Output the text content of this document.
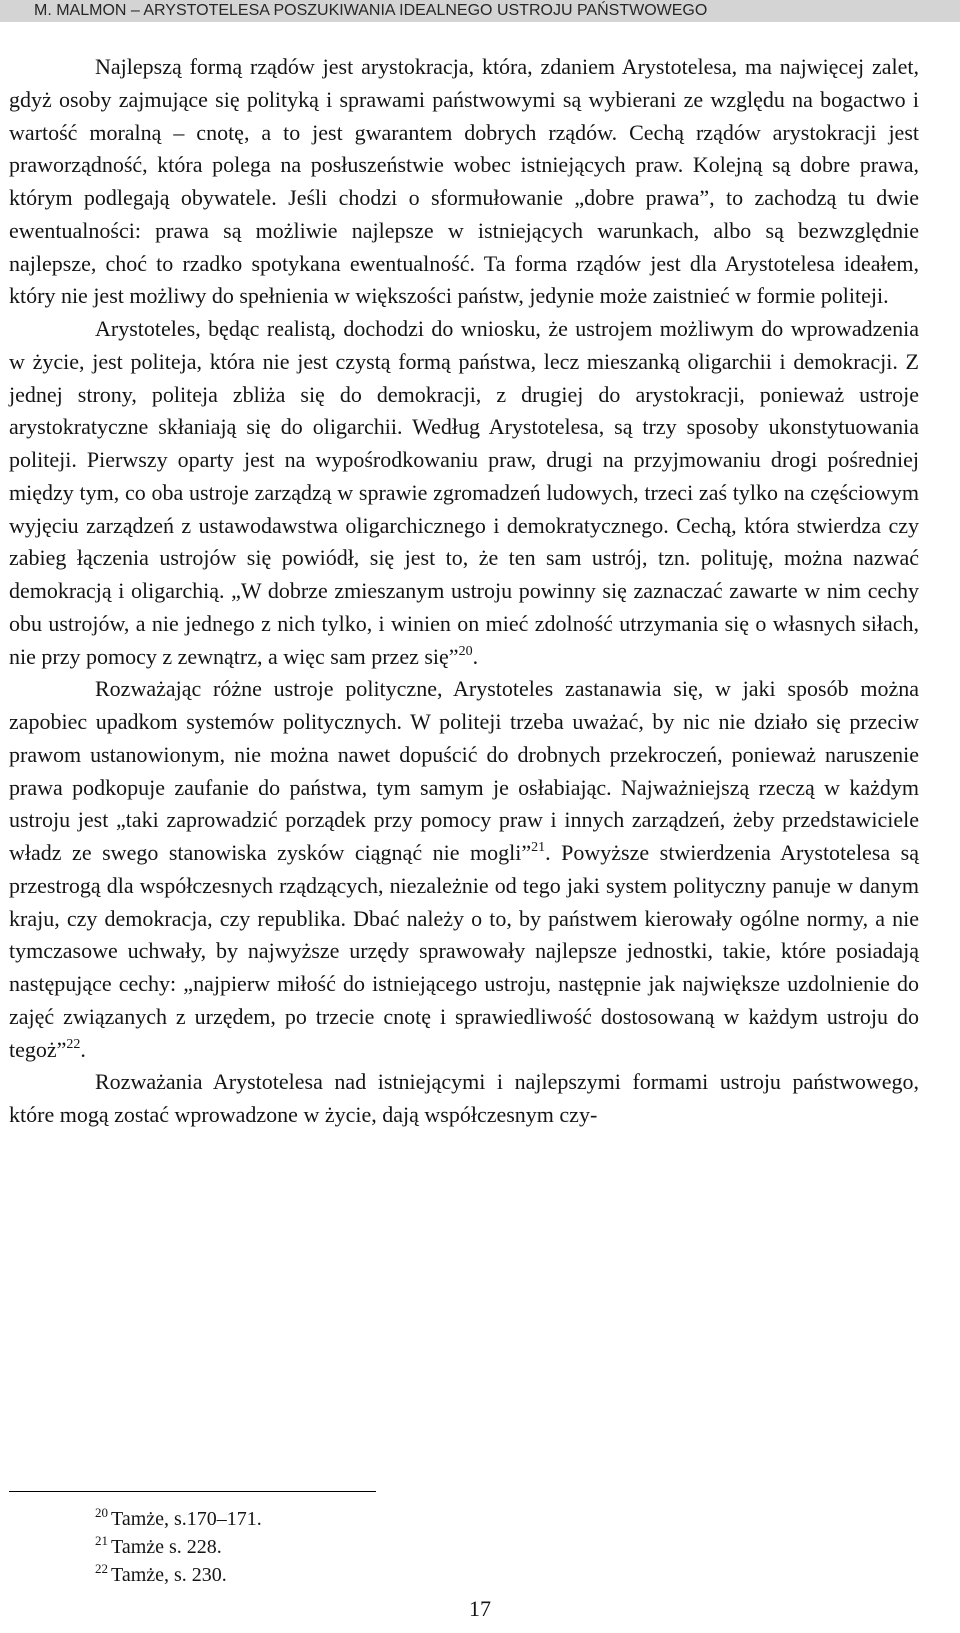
M. MALMON – ARYSTOTELESA POSZUKIWANIA IDEALNEGO USTROJU PAŃSTWOWEGO

Najlepszą formą rządów jest arystokracja, która, zdaniem Arystotelesa, ma najwięcej zalet, gdyż osoby zajmujące się polityką i sprawami państwowymi są wybierani ze względu na bogactwo i wartość moralną – cnotę, a to jest gwarantem dobrych rządów. Cechą rządów arystokracji jest praworządność, która polega na posłuszeństwie wobec istniejących praw. Kolejną są dobre prawa, którym podlegają obywatele. Jeśli chodzi o sformułowanie „dobre prawa”, to zachodzą tu dwie ewentualności: prawa są możliwie najlepsze w istniejących warunkach, albo są bezwzględnie najlepsze, choć to rzadko spotykana ewentualność. Ta forma rządów jest dla Arystotelesa ideałem, który nie jest możliwy do spełnienia w większości państw, jedynie może zaistnieć w formie politeji.

Arystoteles, będąc realistą, dochodzi do wniosku, że ustrojem możliwym do wprowadzenia w życie, jest politeja, która nie jest czystą formą państwa, lecz mieszanką oligarchii i demokracji. Z jednej strony, politeja zbliża się do demokracji, z drugiej do arystokracji, ponieważ ustroje arystokratyczne skłaniają się do oligarchii. Według Arystotelesa, są trzy sposoby ukonstytuowania politeji. Pierwszy oparty jest na wypośrodkowaniu praw, drugi na przyjmowaniu drogi pośredniej między tym, co oba ustroje zarządzą w sprawie zgromadzeń ludowych, trzeci zaś tylko na częściowym wyjęciu zarządzeń z ustawodawstwa oligarchicznego i demokratycznego. Cechą, która stwierdza czy zabieg łączenia ustrojów się powiódł, się jest to, że ten sam ustrój, tzn. polituję, można nazwać demokracją i oligarchią. „W dobrze zmieszanym ustroju powinny się zaznaczać zawarte w nim cechy obu ustrojów, a nie jednego z nich tylko, i winien on mieć zdolność utrzymania się o własnych siłach, nie przy pomocy z zewnątrz, a więc sam przez się”$^{20}$.

Rozważając różne ustroje polityczne, Arystoteles zastanawia się, w jaki sposób można zapobiec upadkom systemów politycznych. W politeji trzeba uważać, by nic nie działo się przeciw prawom ustanowionym, nie można nawet dopuścić do drobnych przekroczeń, ponieważ naruszenie prawa podkopuje zaufanie do państwa, tym samym je osłabiając. Najważniejszą rzeczą w każdym ustroju jest „taki zaprowadzić porządek przy pomocy praw i innych zarządzeń, żeby przedstawiciele władz ze swego stanowiska zysków ciągnąć nie mogli”$^{21}$. Powyższe stwierdzenia Arystotelesa są przestrogą dla współczesnych rządzących, niezależnie od tego jaki system polityczny panuje w danym kraju, czy demokracja, czy republika. Dbać należy o to, by państwem kierowały ogólne normy, a nie tymczasowe uchwały, by najwyższe urzędy sprawowały najlepsze jednostki, takie, które posiadają następujące cechy: „najpierw miłość do istniejącego ustroju, następnie jak największe uzdolnienie do zajęć związanych z urzędem, po trzecie cnotę i sprawiedliwość dostosowaną w każdym ustroju do tegoż”$^{22}$.

Rozważania Arystotelesa nad istniejącymi i najlepszymi formami ustroju państwowego, które mogą zostać wprowadzone w życie, dają współczesnym czy-

$^{20}$ Tamże, s.170–171.
$^{21}$ Tamże s. 228.
$^{22}$ Tamże, s. 230.
17
